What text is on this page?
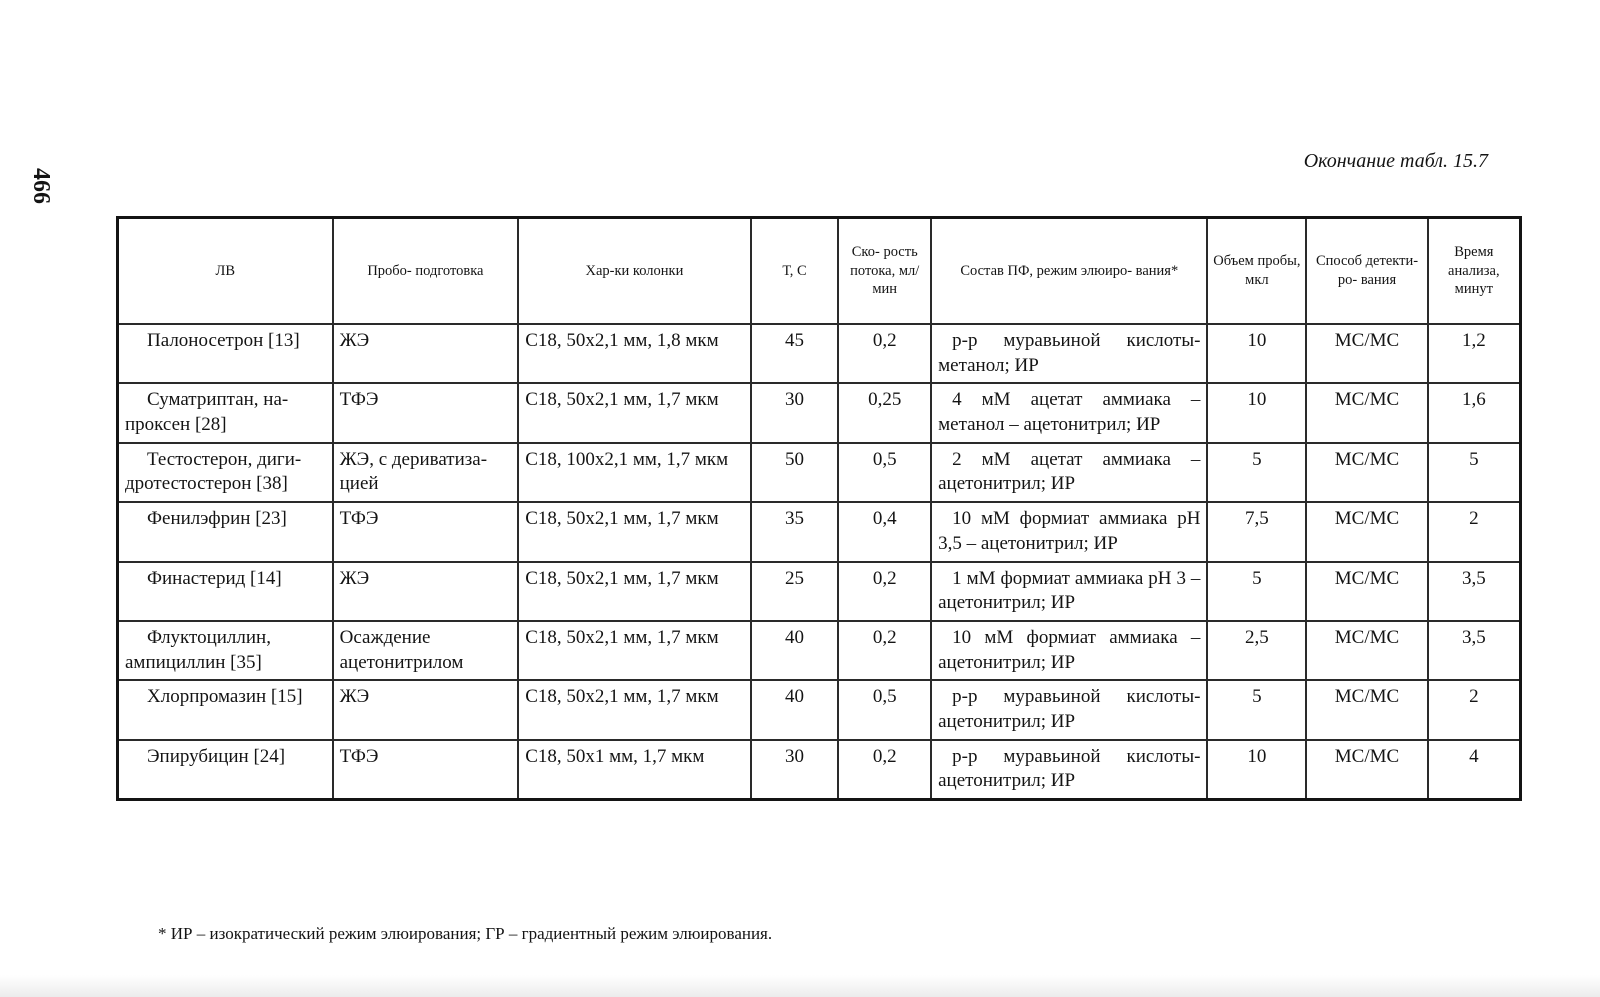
466
Окончание табл. 15.7
ЛВ	Пробо- подготовка	Хар-ки колонки	Т, С	Ско- рость потока, мл/мин	Состав ПФ, режим элюиро- вания*	Объем пробы, мкл	Способ детекти- ро- вания	Время анализа, минут
Палоносетрон [13]	ЖЭ	C18, 50x2,1 мм, 1,8 мкм	45	0,2	р-р муравьиной кислоты-метанол; ИР	10	МС/МС	1,2
Суматриптан, на-проксен [28]	ТФЭ	C18, 50x2,1 мм, 1,7 мкм	30	0,25	4 мМ ацетат аммиака – метанол – ацетонитрил; ИР	10	МС/МС	1,6
Тестостерон, диги-дротестостерон [38]	ЖЭ, с дериватиза-цией	C18, 100x2,1 мм, 1,7 мкм	50	0,5	2 мМ ацетат аммиака – ацетонитрил; ИР	5	МС/МС	5
Фенилэфрин [23]	ТФЭ	C18, 50x2,1 мм, 1,7 мкм	35	0,4	10 мМ формиат аммиака pH 3,5 – ацетонитрил; ИР	7,5	МС/МС	2
Финастерид [14]	ЖЭ	C18, 50x2,1 мм, 1,7 мкм	25	0,2	1 мМ формиат аммиака pH 3 – ацетонитрил; ИР	5	МС/МС	3,5
Флуктоциллин, ампициллин [35]	Осаждение ацетонитрилом	C18, 50x2,1 мм, 1,7 мкм	40	0,2	10 мМ формиат аммиака – ацетонитрил; ИР	2,5	МС/МС	3,5
Хлорпромазин [15]	ЖЭ	C18, 50x2,1 мм, 1,7 мкм	40	0,5	р-р муравьиной кислоты-ацетонитрил; ИР	5	МС/МС	2
Эпирубицин [24]	ТФЭ	C18, 50x1 мм, 1,7 мкм	30	0,2	р-р муравьиной кислоты-ацетонитрил; ИР	10	МС/МС	4
* ИР – изократический режим элюирования; ГР – градиентный режим элюирования.
